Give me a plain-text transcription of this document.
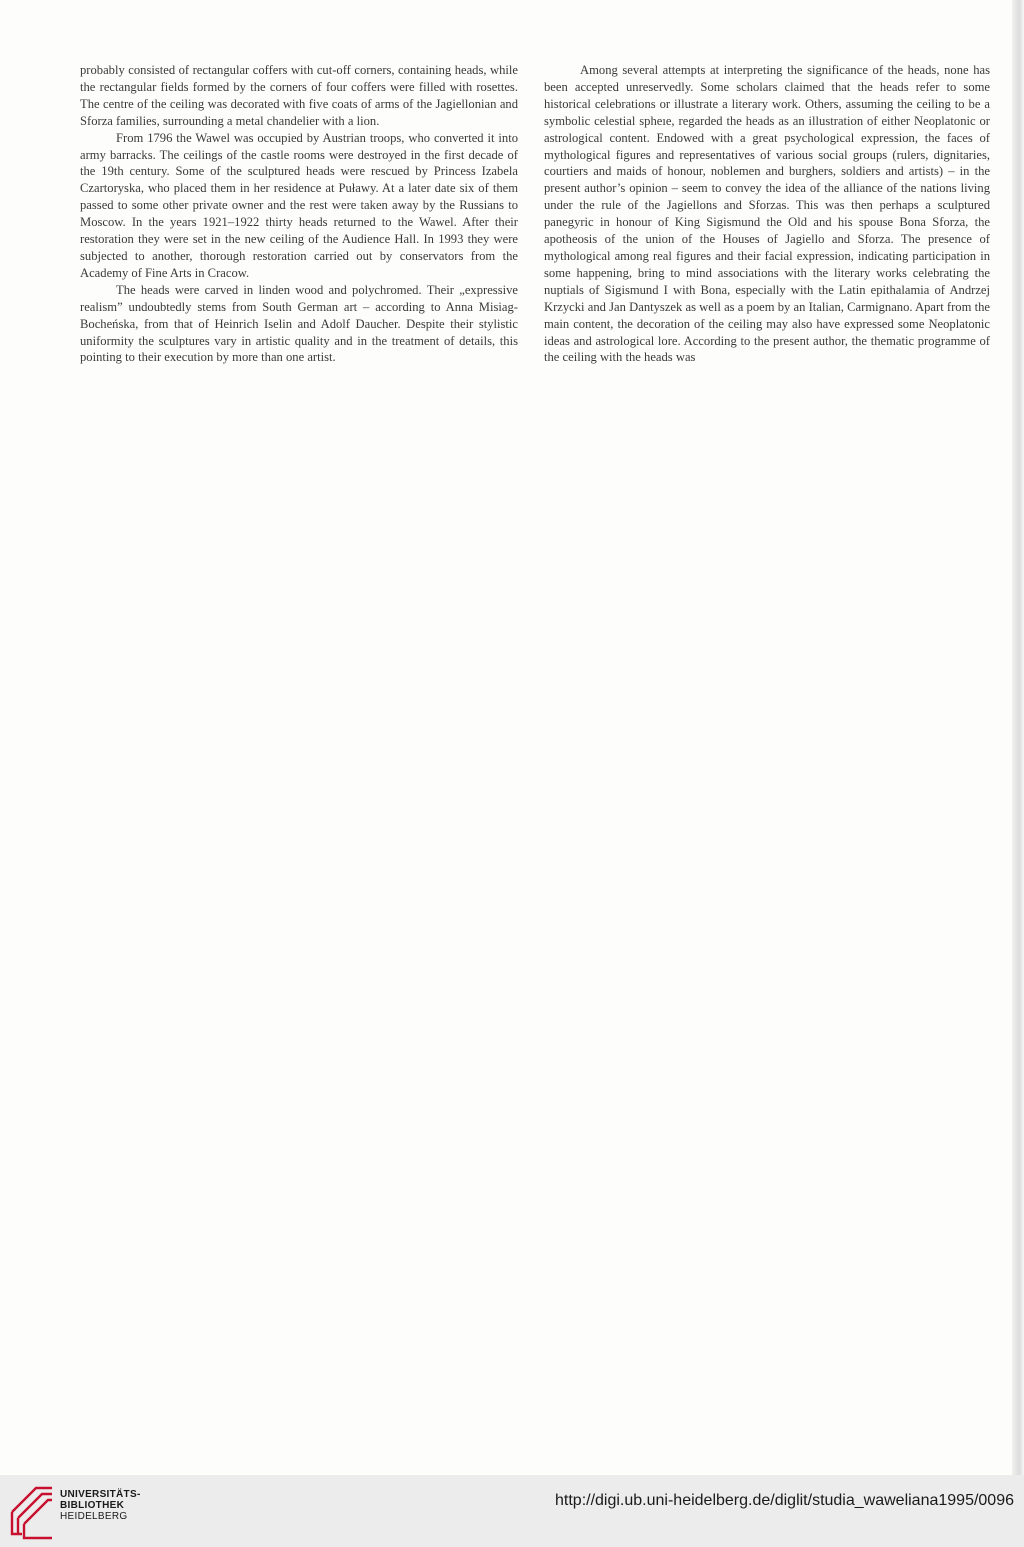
probably consisted of rectangular coffers with cut-off corners, containing heads, while the rectangular fields formed by the corners of four coffers were filled with rosettes. The centre of the ceiling was decorated with five coats of arms of the Jagiellonian and Sforza families, surrounding a metal chandelier with a lion.

From 1796 the Wawel was occupied by Austrian troops, who converted it into army barracks. The ceilings of the castle rooms were destroyed in the first decade of the 19th century. Some of the sculptured heads were rescued by Princess Izabela Czartoryska, who placed them in her residence at Puławy. At a later date six of them passed to some other private owner and the rest were taken away by the Russians to Moscow. In the years 1921–1922 thirty heads returned to the Wawel. After their restoration they were set in the new ceiling of the Audience Hall. In 1993 they were subjected to another, thorough restoration carried out by conservators from the Academy of Fine Arts in Cracow.

The heads were carved in linden wood and polychromed. Their „expressive realism” undoubtedly stems from South German art – according to Anna Misiag-Bocheńska, from that of Heinrich Iselin and Adolf Daucher. Despite their stylistic uniformity the sculptures vary in artistic quality and in the treatment of details, this pointing to their execution by more than one artist.

Among several attempts at interpreting the significance of the heads, none has been accepted unreservedly. Some scholars claimed that the heads refer to some historical celebrations or illustrate a literary work. Others, assuming the ceiling to be a symbolic celestial spheıe, regarded the heads as an illustration of either Neoplatonic or astrological content. Endowed with a great psychological expression, the faces of mythological figures and representatives of various social groups (rulers, dignitaries, courtiers and maids of honour, noblemen and burghers, soldiers and artists) – in the present author’s opinion – seem to convey the idea of the alliance of the nations living under the rule of the Jagiellons and Sforzas. This was then perhaps a sculptured panegyric in honour of King Sigismund the Old and his spouse Bona Sforza, the apotheosis of the union of the Houses of Jagiello and Sforza. The presence of mythological among real figures and their facial expression, indicating participation in some happening, bring to mind associations with the literary works celebrating the nuptials of Sigismund I with Bona, especially with the Latin epithalamia of Andrzej Krzycki and Jan Dantyszek as well as a poem by an Italian, Carmignano. Apart from the main content, the decoration of the ceiling may also have expressed some Neoplatonic ideas and astrological lore. According to the present author, the thematic programme of the ceiling with the heads was

UNIVERSITÄTS-
BIBLIOTHEK
HEIDELBERG
http://digi.ub.uni-heidelberg.de/diglit/studia_waweliana1995/0096
